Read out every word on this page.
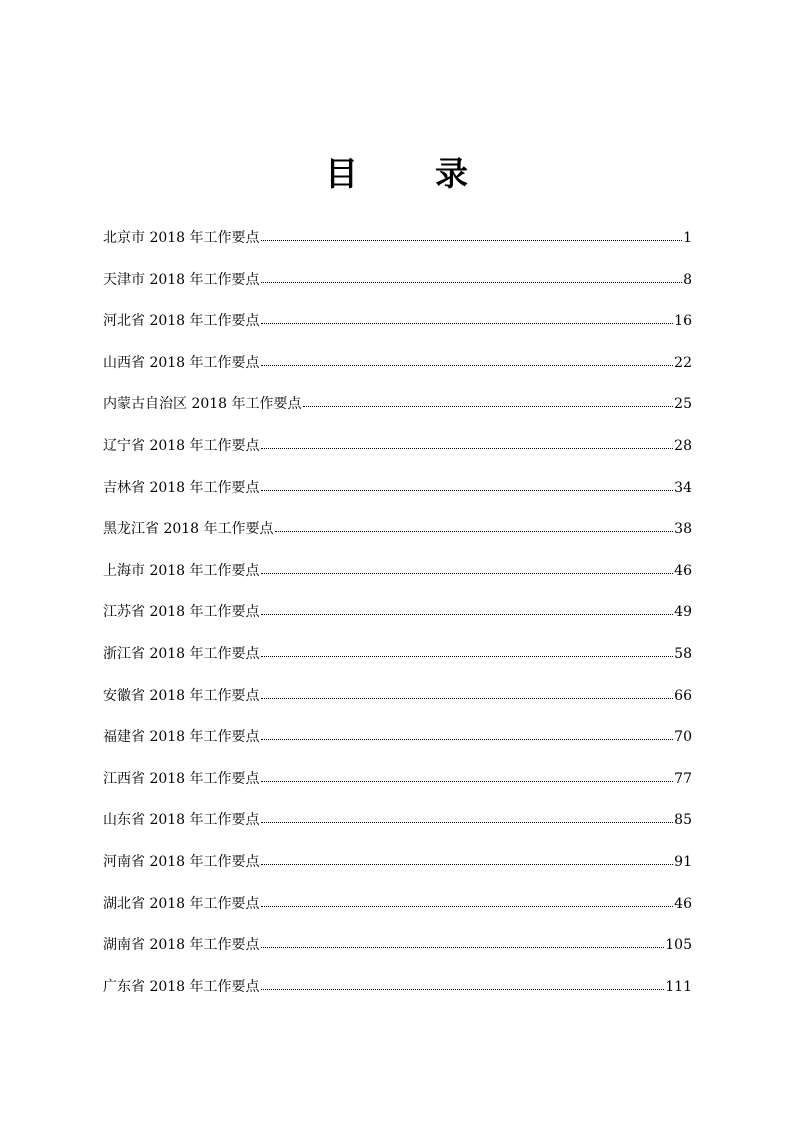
目　录
北京市 2018 年工作要点	1
天津市 2018 年工作要点	8
河北省 2018 年工作要点	16
山西省 2018 年工作要点	22
内蒙古自治区 2018 年工作要点	25
辽宁省 2018 年工作要点	28
吉林省 2018 年工作要点	34
黑龙江省 2018 年工作要点	38
上海市 2018 年工作要点	46
江苏省 2018 年工作要点	49
浙江省 2018 年工作要点	58
安徽省 2018 年工作要点	66
福建省 2018 年工作要点	70
江西省 2018 年工作要点	77
山东省 2018 年工作要点	85
河南省 2018 年工作要点	91
湖北省 2018 年工作要点	46
湖南省 2018 年工作要点	105
广东省 2018 年工作要点	111
